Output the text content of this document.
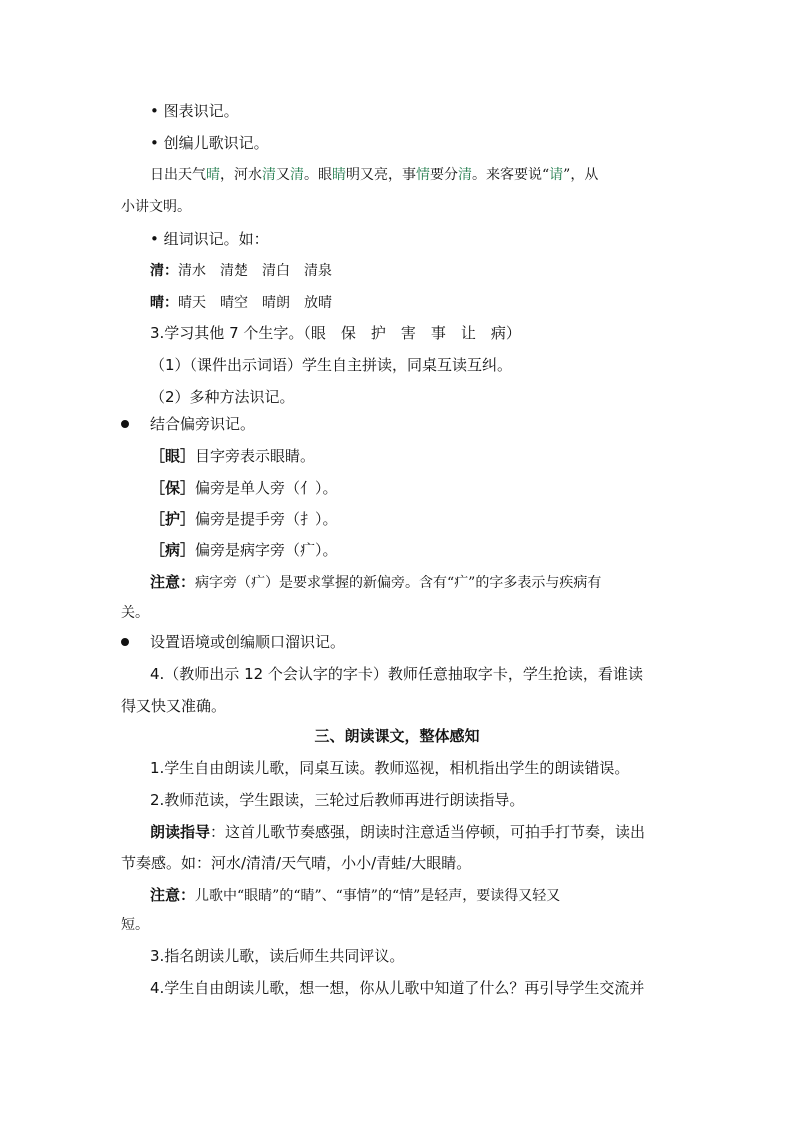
• 图表识记。
• 创编儿歌识记。
日出天气晴，河水清又清。眼睛明又亮，事情要分清。来客要说“请”，从
小讲文明。
• 组词识记。如：
清：清水　清楚　清白　清泉
晴：晴天　晴空　晴朗　放晴
3.学习其他 7 个生字。（眼　保　护　害　事　让　病）
（1）（课件出示词语）学生自主拼读，同桌互读互纠。
（2）多种方法识记。
结合偏旁识记。
［眼］目字旁表示眼睛。
［保］偏旁是单人旁（亻）。
［护］偏旁是提手旁（扌）。
［病］偏旁是病字旁（疒）。
注意：病字旁（疒）是要求掌握的新偏旁。含有“疒”的字多表示与疾病有
关。
设置语境或创编顺口溜识记。
4.（教师出示 12 个会认字的字卡）教师任意抽取字卡，学生抢读，看谁读
得又快又准确。
三、朗读课文，整体感知
1.学生自由朗读儿歌，同桌互读。教师巡视，相机指出学生的朗读错误。
2.教师范读，学生跟读，三轮过后教师再进行朗读指导。
朗读指导：这首儿歌节奏感强，朗读时注意适当停顿，可拍手打节奏，读出
节奏感。如：河水/清清/天气晴，小小/青蛙/大眼睛。
注意：儿歌中“眼睛”的“睛”、“事情”的“情”是轻声，要读得又轻又
短。
3.指名朗读儿歌，读后师生共同评议。
4.学生自由朗读儿歌，想一想，你从儿歌中知道了什么？再引导学生交流并
